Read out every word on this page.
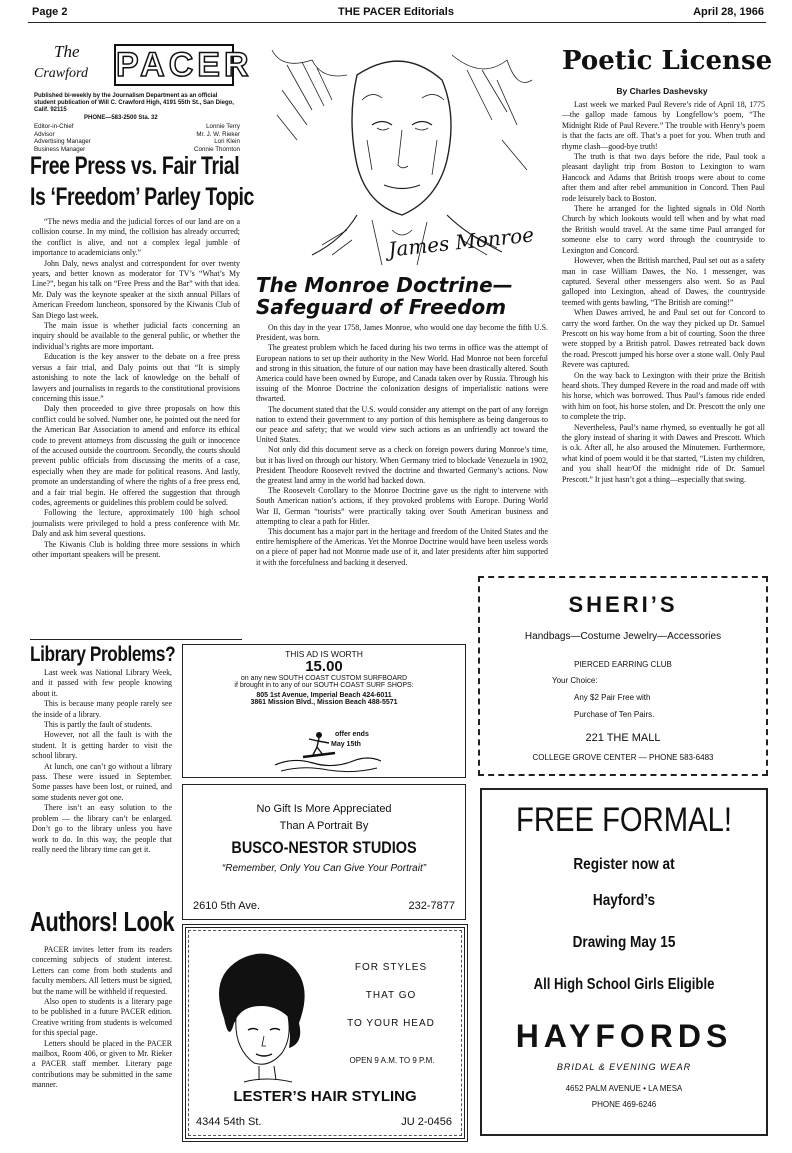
Page 2	THE PACER Editorials	April 28, 1966
The
Crawford PACER
Published bi-weekly by the Journalism Department as an official student publication of Will C. Crawford High, 4191 55th St., San Diego, Calif. 92115
PHONE—583-2500 Sta. 32
Editor-in-Chief	Lonnie Terry
Advisor	Mr. J. W. Rieker
Advertising Manager	Lori Klein
Business Manager	Connie Thornton
Free Press vs. Fair Trial
Is ‘Freedom’ Parley Topic

“The news media and the judicial forces of our land are on a collision course. In my mind, the collision has already occurred; the conflict is alive, and not a complex legal jumble of importance to academicians only.”

John Daly, news analyst and correspondent for over twenty years, and better known as moderator for TV’s “What’s My Line?”, began his talk on “Free Press and the Bar” with that idea. Mr. Daly was the keynote speaker at the sixth annual Pillars of American Freedom luncheon, sponsored by the Kiwanis Club of San Diego last week.

The main issue is whether judicial facts concerning an inquiry should be available to the general public, or whether the individual’s rights are more important.

Education is the key answer to the debate on a free press versus a fair trial, and Daly points out that “It is simply astonishing to note the lack of knowledge on the behalf of lawyers and journalists in regards to the constitutional provisions concerning this issue.”

Daly then proceeded to give three proposals on how this conflict could be solved. Number one, he pointed out the need for the American Bar Association to amend and enforce its ethical code to prevent attorneys from discussing the guilt or innocence of the accused outside the courtroom. Secondly, the courts should prevent public officials from discussing the merits of a case, especially when they are made for political reasons. And lastly, promote an understanding of where the rights of a free press end, and a fair trial begin. He offered the suggestion that through codes, agreements or guidelines this problem could be solved.

Following the lecture, approximately 100 high school journalists were privileged to hold a press conference with Mr. Daly and ask him several questions.

The Kiwanis Club is holding three more sessions in which other important speakers will be present.

Library Problems?

Last week was National Library Week, and it passed with few people knowing about it.

This is because many people rarely see the inside of a library.

This is partly the fault of students.

However, not all the fault is with the student. It is getting harder to visit the school library.

At lunch, one can’t go without a library pass. These were issued in September. Some passes have been lost, or ruined, and some students never got one.

There isn’t an easy solution to the problem — the library can’t be enlarged. Don’t go to the library unless you have work to do. In this way, the people that really need the library time can get it.

Authors! Look

PACER invites letter from its readers concerning subjects of student interest. Letters can come from both students and faculty members. All letters must be signed, but the name will be withheld if requested.

Also open to students is a literary page to be published in a future PACER edition. Creative writing from students is welcomed for this special page.

Letters should be placed in the PACER mailbox, Room 406, or given to Mr. Rieker a PACER staff member. Literary page contributions may be submitted in the same manner.

James Monroe
The Monroe Doctrine—
Safeguard of Freedom

On this day in the year 1758, James Monroe, who would one day become the fifth U.S. President, was born.

The greatest problem which he faced during his two terms in office was the attempt of European nations to set up their authority in the New World. Had Monroe not been forceful and strong in this situation, the future of our nation may have been drastically altered. South America could have been owned by Europe, and Canada taken over by Russia. Through his issuing of the Monroe Doctrine the colonization designs of imperialistic nations were thwarted.

The document stated that the U.S. would consider any attempt on the part of any foreign nation to extend their government to any portion of this hemisphere as being dangerous to our peace and safety; that we would view such actions as an unfriendly act toward the United States.

Not only did this document serve as a check on foreign powers during Monroe’s time, but it has lived on through our history. When Germany tried to blockade Venezuela in 1902, President Theodore Roosevelt revived the doctrine and thwarted Germany’s actions. Now the greatest land army in the world had backed down.

The Roosevelt Corollary to the Monroe Doctrine gave us the right to intervene with South American nation’s actions, if they provoked problems with Europe. During World War II, German “tourists” were practically taking over South American business and attempting to clear a path for Hitler.

This document has a major part in the heritage and freedom of the United States and the entire hemisphere of the Americas. Yet the Monroe Doctrine would have been useless words on a piece of paper had not Monroe made use of it, and later presidents after him supported it with the forcefulness and backing it deserved.

Poetic License
By Charles Dashevsky

Last week we marked Paul Revere’s ride of April 18, 1775—the gallop made famous by Longfellow’s poem, “The Midnight Ride of Paul Revere.” The trouble with Henry’s poem is that the facts are off. That’s a poet for you. When truth and rhyme clash—good-bye truth!

The truth is that two days before the ride, Paul took a pleasant daylight trip from Boston to Lexington to warn Hancock and Adams that British troops were about to come after them and after rebel ammunition in Concord. Then Paul rode leisurely back to Boston.

There he arranged for the lighted signals in Old North Church by which lookouts would tell when and by what road the British would travel. At the same time Paul arranged for someone else to carry word through the countryside to Lexington and Concord.

However, when the British marched, Paul set out as a safety man in case William Dawes, the No. 1 messenger, was captured. Several other messengers also went. So as Paul galloped into Lexington, ahead of Dawes, the countryside teemed with gents bawling, “The British are coming!”

When Dawes arrived, he and Paul set out for Concord to carry the word farther. On the way they picked up Dr. Samuel Prescott on his way home from a bit of courting. Soon the three were stopped by a British patrol. Dawes retreated back down the road. Prescott jumped his horse over a stone wall. Only Paul Revere was captured.

On the way back to Lexington with their prize the British heard shots. They dumped Revere in the road and made off with his horse, which was borrowed. Thus Paul’s famous ride ended with him on foot, his horse stolen, and Dr. Prescott the only one to complete the trip.

Nevertheless, Paul’s name rhymed, so eventually he got all the glory instead of sharing it with Dawes and Prescott. Which is o.k. After all, he also aroused the Minutemen. Furthermore, what kind of poem would it be that started, “Listen my children, and you shall hear/Of the midnight ride of Dr. Samuel Prescott.” It just hasn’t got a thing—especially that swing.

THIS AD IS WORTH
15.00
on any new SOUTH COAST CUSTOM SURFBOARD
if brought in to any of our SOUTH COAST SURF SHOPS:
805 1st Avenue, Imperial Beach 424-6011
3861 Mission Blvd., Mission Beach 488-5571
offer ends
May 15th
No Gift Is More Appreciated
Than A Portrait By
BUSCO-NESTOR STUDIOS
“Remember, Only You Can Give Your Portrait”
2610 5th Ave.	232-7877
FOR STYLES
THAT GO
TO YOUR HEAD
OPEN 9 A.M. TO 9 P.M.
LESTER’S HAIR STYLING
4344 54th St.	JU 2-0456
SHERI’S
Handbags—Costume Jewelry—Accessories
PIERCED EARRING CLUB
Your Choice:
Any $2 Pair Free with
Purchase of Ten Pairs.
221 THE MALL
COLLEGE GROVE CENTER — PHONE 583-6483
FREE FORMAL!
Register now at
Hayford’s
Drawing May 15
All High School Girls Eligible
HAYFORDS
BRIDAL & EVENING WEAR
4652 PALM AVENUE • LA MESA
PHONE 469-6246
